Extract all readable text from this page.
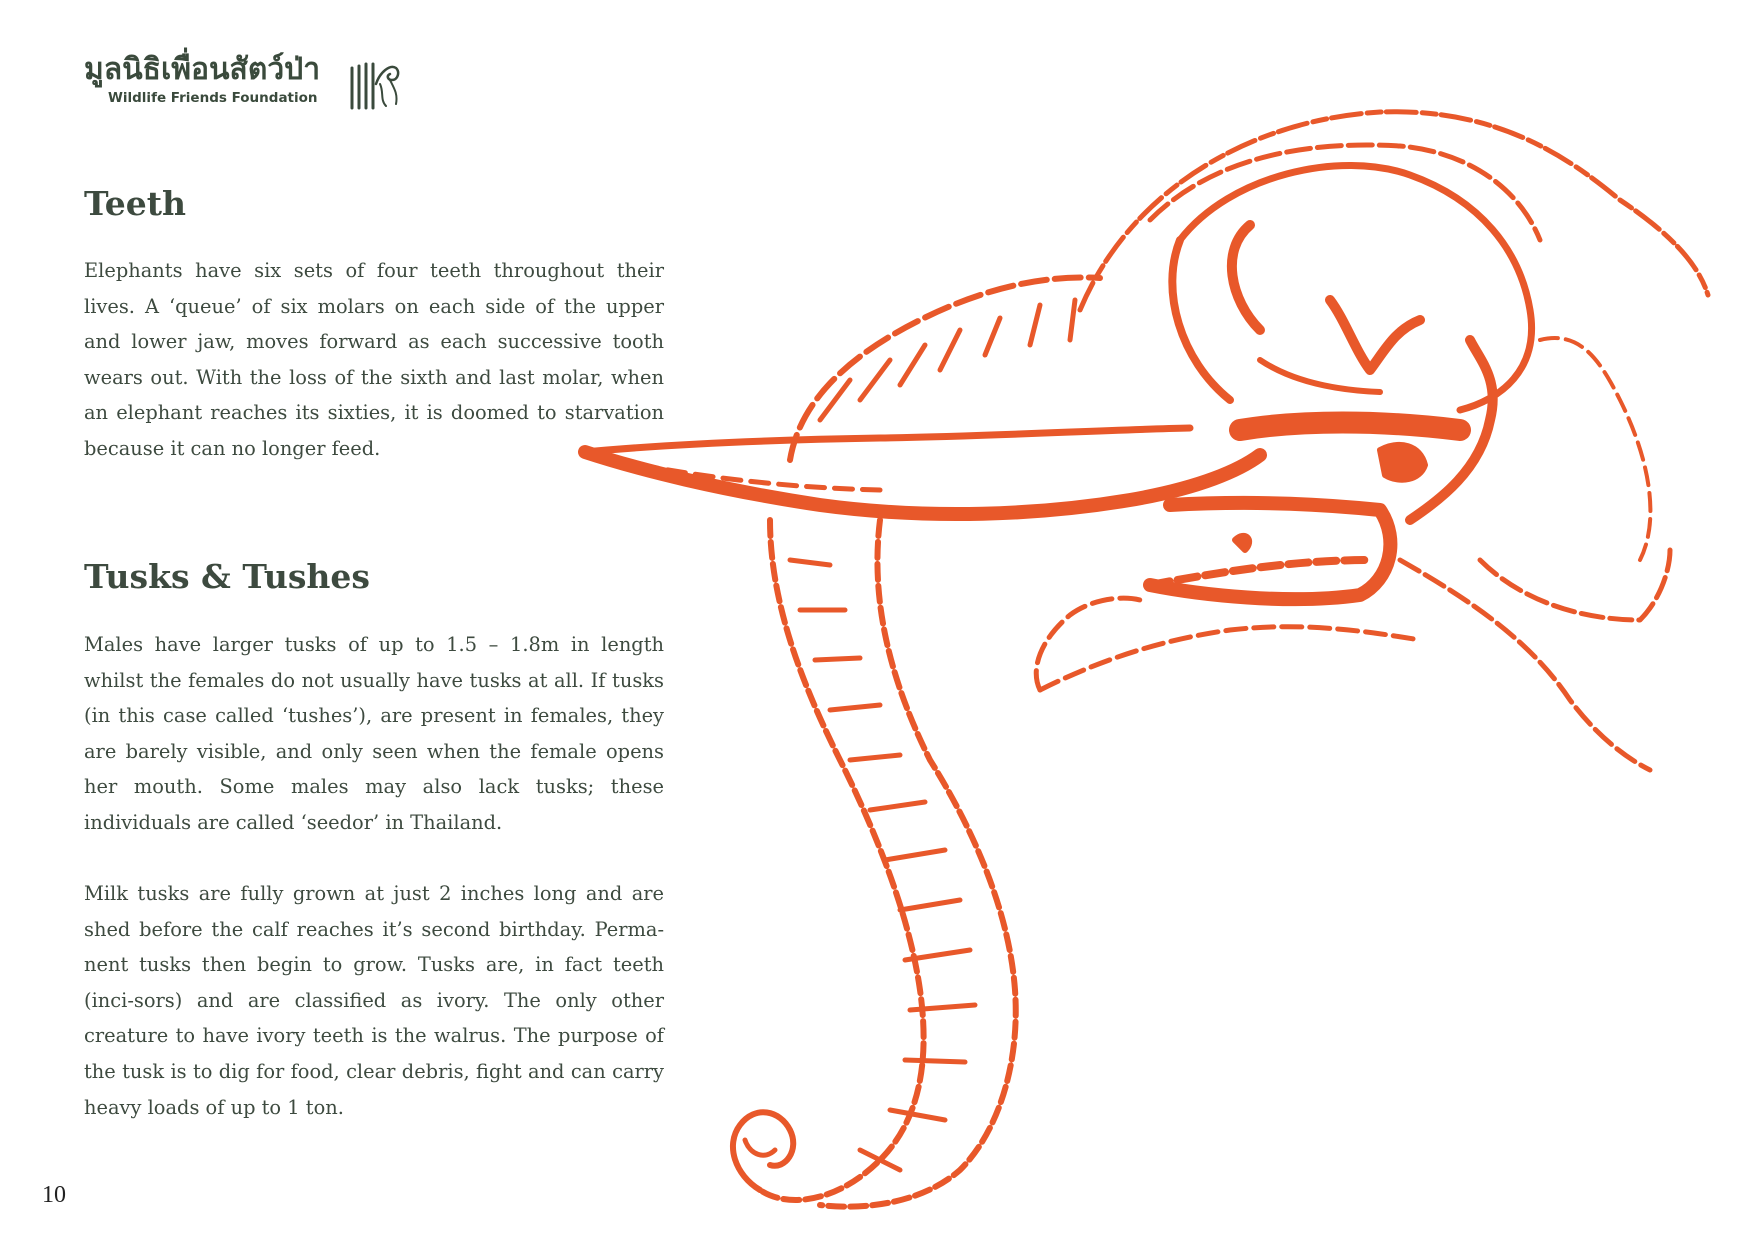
มูลนิธิเพื่อนสัตว์ป่า
Wildlife Friends Foundation
Teeth

Elephants have six sets of four teeth throughout their lives. A ‘queue’ of six molars on each side of the upper and lower jaw, moves forward as each successive tooth wears out. With the loss of the sixth and last molar, when an elephant reaches its sixties, it is doomed to starvation because it can no longer feed.

Tusks & Tushes

Males have larger tusks of up to 1.5 – 1.8m in length whilst the females do not usually have tusks at all. If tusks (in this case called ‘tushes’), are present in females, they are barely visible, and only seen when the female opens her mouth. Some males may also lack tusks; these individuals are called ‘seedor’ in Thailand.

Milk tusks are fully grown at just 2 inches long and are shed before the calf reaches it’s second birthday. Perma-nent tusks then begin to grow. Tusks are, in fact teeth (inci-sors) and are classified as ivory. The only other creature to have ivory teeth is the walrus. The purpose of the tusk is to dig for food, clear debris, fight and can carry heavy loads of up to 1 ton.

10
